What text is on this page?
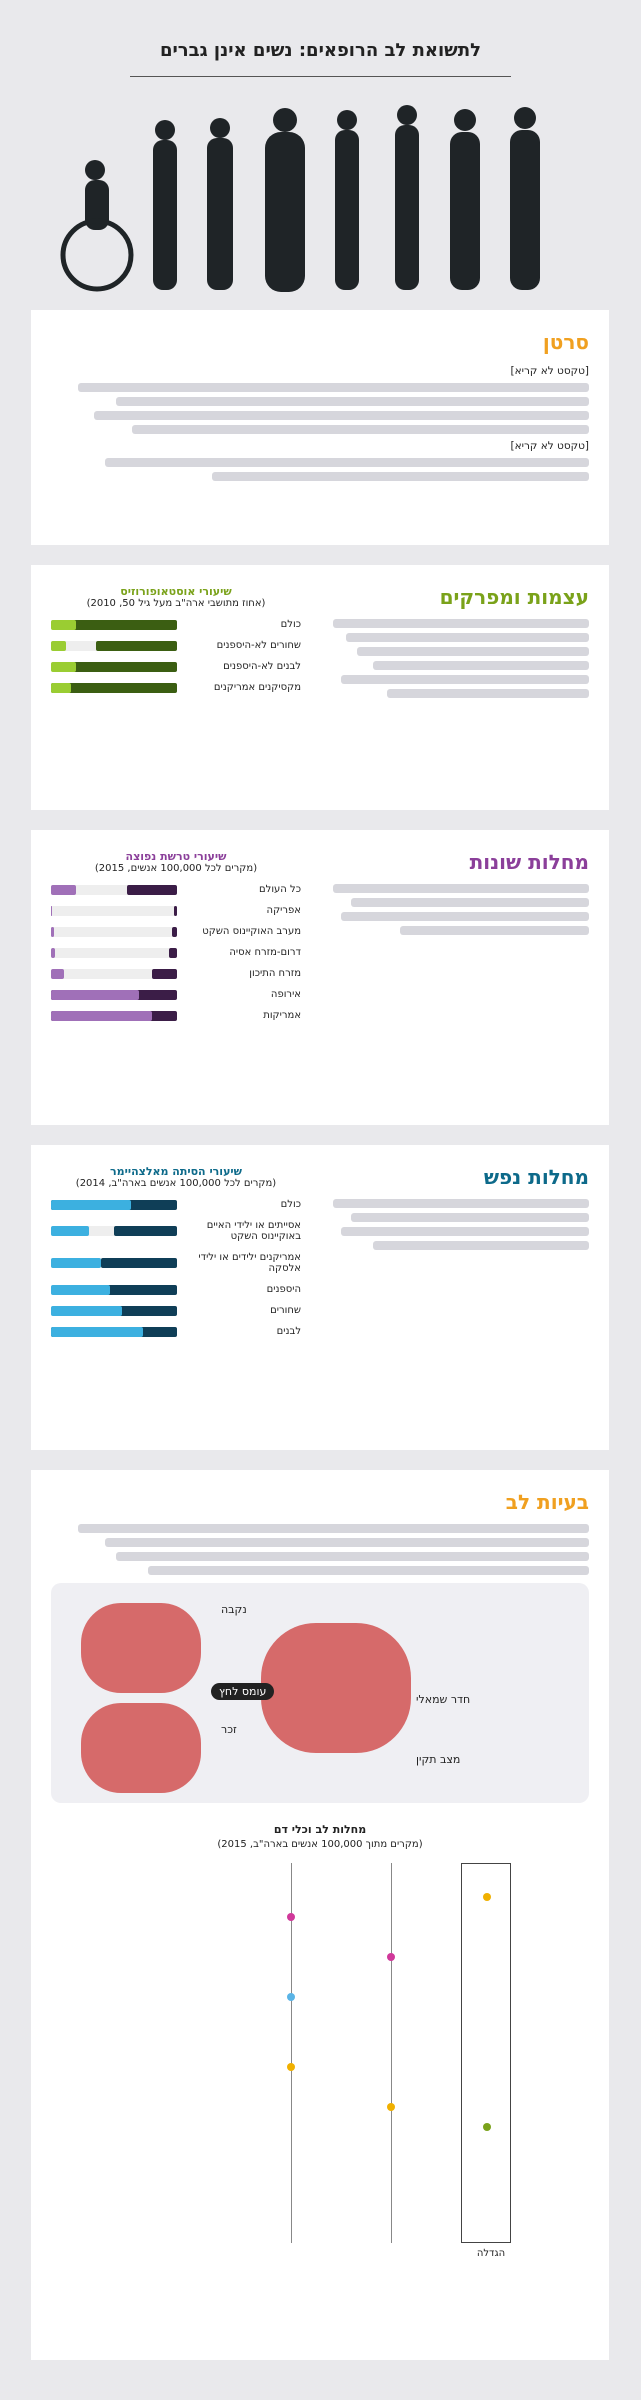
לתשואת לב הרופאים: נשים אינן גברים
סרטן
[טקסט לא קריא]
[טקסט לא קריא]
עצמות ומפרקים
שיעורי אוסטאופורוזיס
(אחוז מתושבי ארה"ב מעל גיל 50, 2010)
כולם
שחורים לא-היספנים
לבנים לא-היספנים
מקסיקנים אמריקנים
מחלות שונות
שיעורי טרשת נפוצה
(מקרים לכל 100,000 אנשים, 2015)
כל העולם
אפריקה
מערב האוקיינוס השקט
דרום-מזרח אסיה
מזרח התיכון
אירופה
אמריקות
מחלות נפש
שיעורי הסיתה מאלצהיימר
(מקרים לכל 100,000 אנשים בארה"ב, 2014)
כולם
אסייתים או ילידי האיים באוקיינוס השקט
אמריקנים ילידים או ילידי אלסקה
היספנים
שחורים
לבנים
בעיות לב
נקבה
זכר
חדר שמאלי
מצב תקין
עומס לחץ
מחלות לב וכלי דם
(מקרים מתוך 100,000 אנשים בארה"ב, 2015)
הגדלה
